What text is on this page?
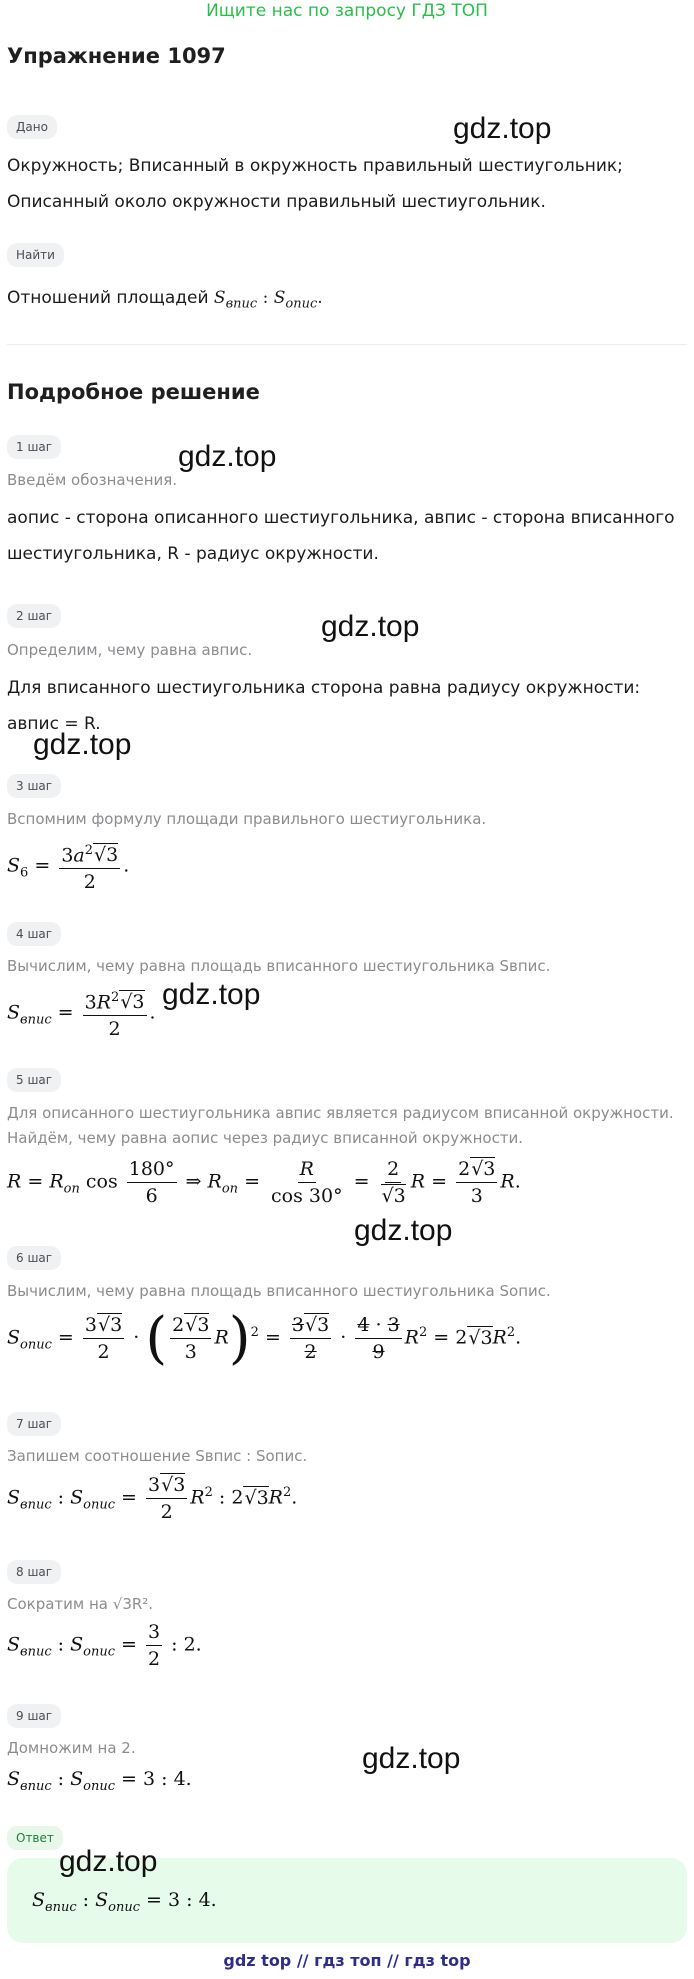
Ищите нас по запросу ГДЗ ТОП
Упражнение 1097
Дано
Окружность; Вписанный в окружность правильный шестиугольник; Описанный около окружности правильный шестиугольник.
Найти
Отношений площадей $S_{впис}$ : $S_{опис}$.
Подробное решение
1 шаг
Введём обозначения.
aопис - сторона описанного шестиугольника, aвпис - сторона вписанного шестиугольника, R - радиус окружности.
2 шаг
Определим, чему равна aвпис.
Для вписанного шестиугольника сторона равна радиусу окружности: aвпис = R.
3 шаг
Вспомним формулу площади правильного шестиугольника.
$S_6 = \frac{3a^2√3}{2}$ .
4 шаг
Вычислим, чему равна площадь вписанного шестиугольника Sвпис.
$S_{впис} = \frac{3R^2√3}{2}$ .
5 шаг
Для описанного шестиугольника aвпис является радиусом вписанной окружности.
Найдём, чему равна aопис через радиус вписанной окружности.
$R = R_{оп}$ $\cos \frac{180^\circ}{6}$ ⇒ $R_{оп} = \frac{R}{\cos 30^\circ} = \frac{2}{√3}$ $R = \frac{2√3}{3} R$.
6 шаг
Вычислим, чему равна площадь вписанного шестиугольника Sопис.
$S_{опис} = \frac{3√3}{2}$ · ( $\frac{2√3}{3} R)^2 = \frac{3√3}{2} \cdot \frac{4 \cdot 3}{9} R^2 = 2√3R^2$.
7 шаг
Запишем соотношение Sвпис : Sопис.
$S_{впис}$ : $S_{опис} = \frac{3√3}{2} R^2$ : $2√3R^2$.
8 шаг
Сократим на √3R².
$S_{впис}$ : $S_{опис} = \frac{3}{2}$ : 2.
9 шаг
Домножим на 2.
$S_{впис}$ : $S_{опис} = 3$ : 4.
Ответ
$S_{впис}$ : $S_{опис} = 3$ : 4.
gdz.top
gdz.top
gdz.top
gdz.top
gdz.top
gdz.top
gdz.top
gdz.top
gdz top // гдз топ // гдз top
